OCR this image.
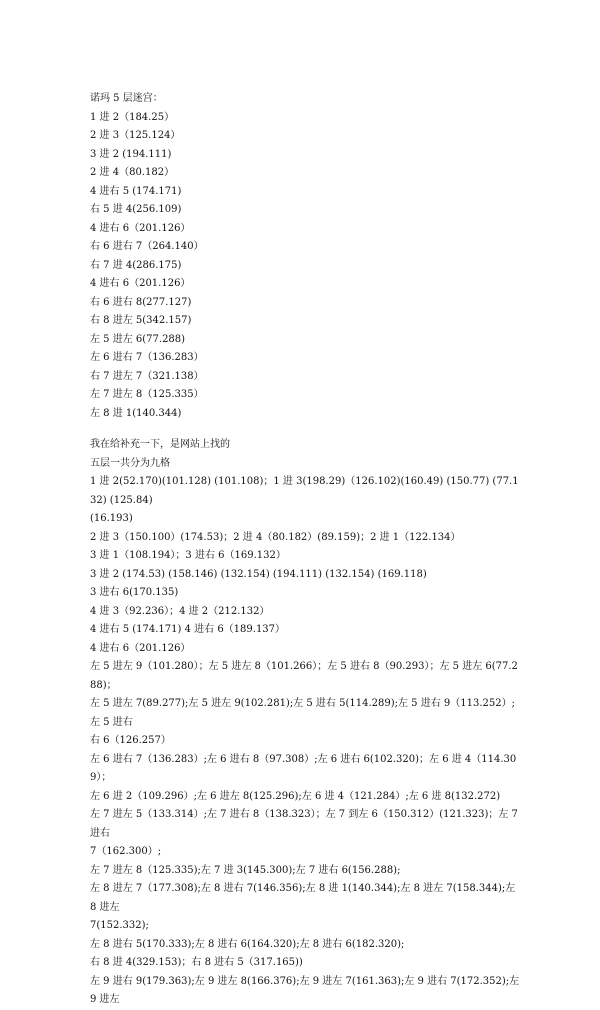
诺玛 5 层迷宫：
1 进 2（184.25）
2 进 3（125.124）
3 进 2 (194.111)
2 进 4（80.182）
4 进右 5 (174.171)
右 5 进 4(256.109)
4 进右 6（201.126）
右 6 进右 7（264.140）
右 7 进 4(286.175)
4 进右 6（201.126）
右 6 进右 8(277.127)
右 8 进左 5(342.157)
左 5 进左 6(77.288)
左 6 进右 7（136.283）
右 7 进左 7（321.138）
左 7 进左 8（125.335）
左 8 进 1(140.344)
我在给补充一下，是网站上找的
五层一共分为九格
1 进 2(52.170)(101.128) (101.108)；1 进 3(198.29)（126.102)(160.49) (150.77) (77.132) (125.84)
(16.193)
2 进 3（150.100）(174.53)；2 进 4（80.182）(89.159)；2 进 1（122.134）
3 进 1（108.194）；3 进右 6（169.132）
3 进 2 (174.53) (158.146) (132.154) (194.111) (132.154) (169.118)
3 进右 6(170.135)
4 进 3（92.236）；4 进 2（212.132）
4 进右 5 (174.171) 4 进右 6（189.137）
4 进右 6（201.126）
左 5 进左 9（101.280）；左 5 进左 8（101.266）；左 5 进右 8（90.293）；左 5 进左 6(77.288)；
左 5 进左 7(89.277);左 5 进左 9(102.281);左 5 进右 5(114.289);左 5 进右 9（113.252）;左 5 进右
右 6（126.257）
左 6 进右 7（136.283）;左 6 进右 8（97.308）;左 6 进右 6(102.320)；左 6 进 4（114.309）；
左 6 进 2（109.296）;左 6 进左 8(125.296);左 6 进 4（121.284）;左 6 进 8(132.272)
左 7 进左 5（133.314）;左 7 进右 8（138.323）；左 7 到左 6（150.312）(121.323)；左 7 进右
7（162.300）;
左 7 进左 8（125.335);左 7 进 3(145.300);左 7 进右 6(156.288);
左 8 进左 7（177.308);左 8 进右 7(146.356);左 8 进 1(140.344);左 8 进左 7(158.344);左 8 进左
7(152.332);
左 8 进右 5(170.333);左 8 进右 6(164.320);左 8 进右 6(182.320);
右 8 进 4(329.153)；右 8 进右 5（317.165))
左 9 进右 9(179.363);左 9 进左 8(166.376);左 9 进左 7(161.363);左 9 进右 7(172.352);左 9 进左
